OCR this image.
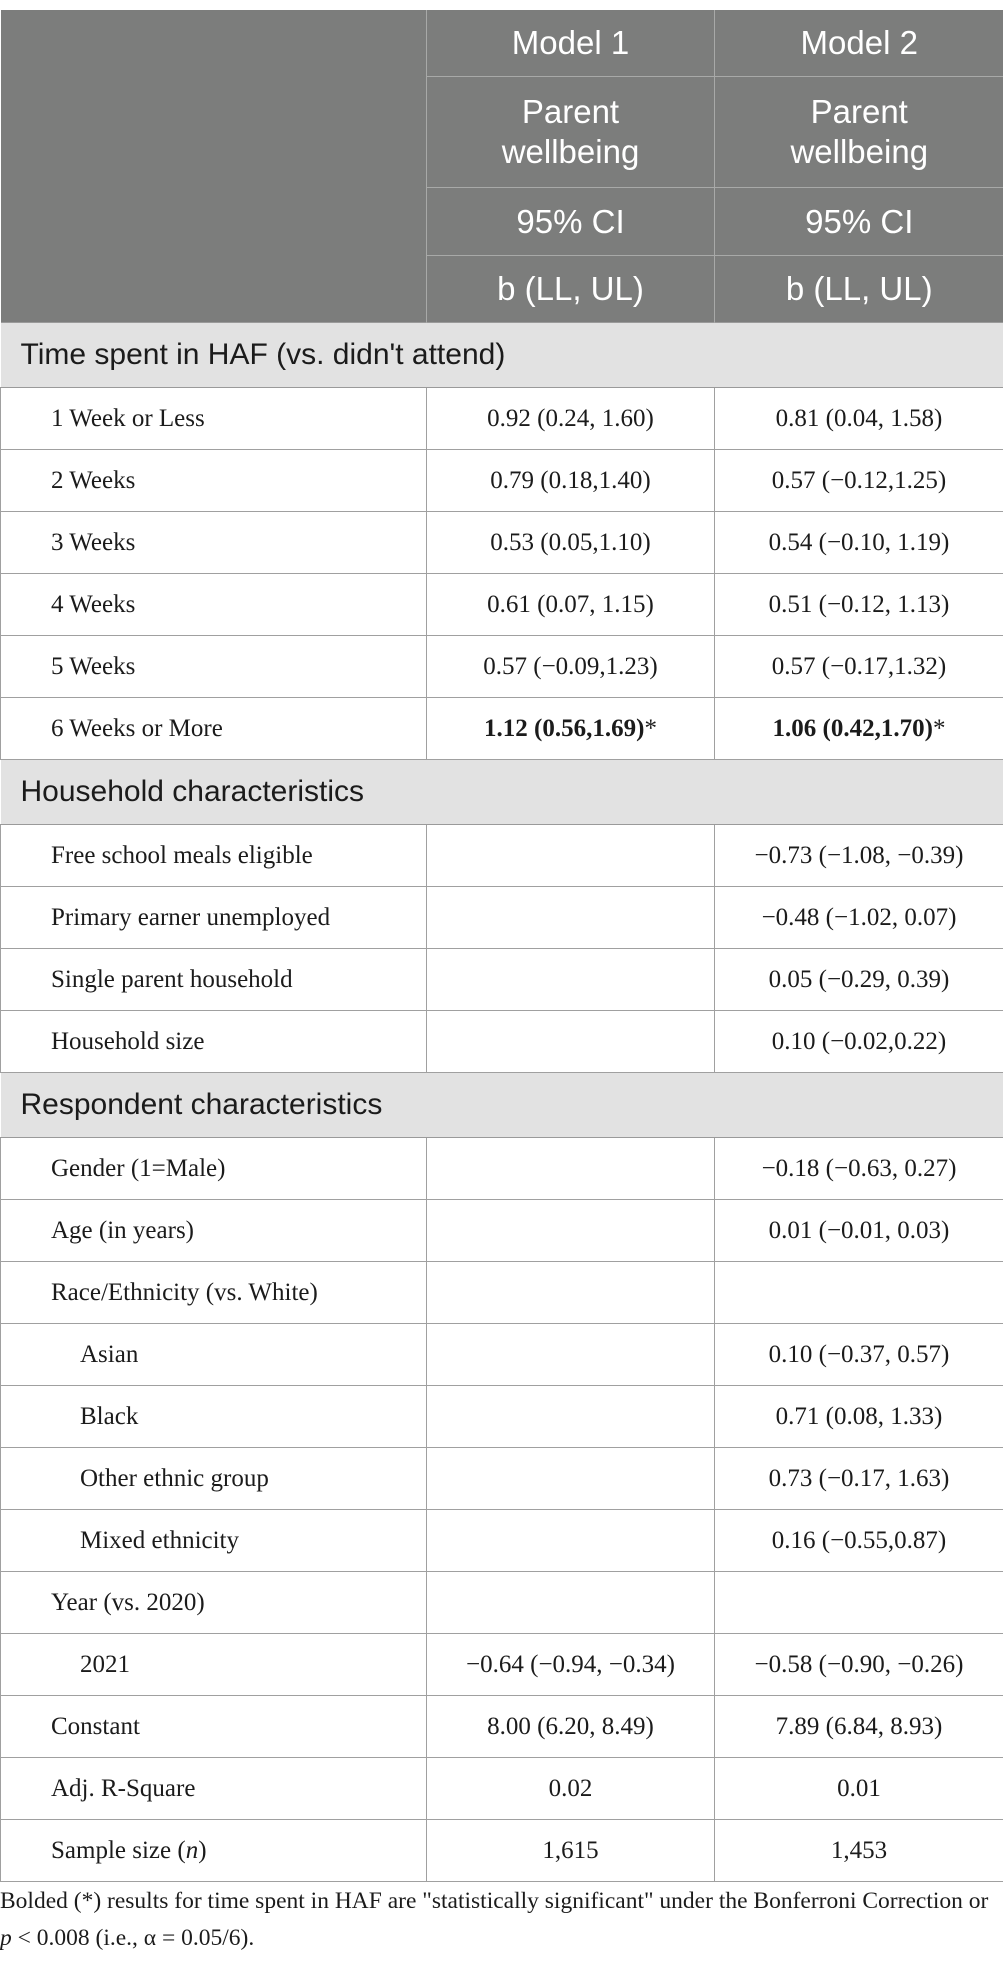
	Model 1	Model 2
	Parent wellbeing	Parent wellbeing
	95% CI	95% CI
	b (LL, UL)	b (LL, UL)
Time spent in HAF (vs. didn't attend)		
1 Week or Less	0.92 (0.24, 1.60)	0.81 (0.04, 1.58)
2 Weeks	0.79 (0.18,1.40)	0.57 (−0.12,1.25)
3 Weeks	0.53 (0.05,1.10)	0.54 (−0.10, 1.19)
4 Weeks	0.61 (0.07, 1.15)	0.51 (−0.12, 1.13)
5 Weeks	0.57 (−0.09,1.23)	0.57 (−0.17,1.32)
6 Weeks or More	1.12 (0.56,1.69)*	1.06 (0.42,1.70)*
Household characteristics		
Free school meals eligible		−0.73 (−1.08, −0.39)
Primary earner unemployed		−0.48 (−1.02, 0.07)
Single parent household		0.05 (−0.29, 0.39)
Household size		0.10 (−0.02,0.22)
Respondent characteristics		
Gender (1=Male)		−0.18 (−0.63, 0.27)
Age (in years)		0.01 (−0.01, 0.03)
Race/Ethnicity (vs. White)		
Asian		0.10 (−0.37, 0.57)
Black		0.71 (0.08, 1.33)
Other ethnic group		0.73 (−0.17, 1.63)
Mixed ethnicity		0.16 (−0.55,0.87)
Year (vs. 2020)		
2021	−0.64 (−0.94, −0.34)	−0.58 (−0.90, −0.26)
Constant	8.00 (6.20, 8.49)	7.89 (6.84, 8.93)
Adj. R-Square	0.02	0.01
Sample size (n)	1,615	1,453

Bolded (*) results for time spent in HAF are "statistically significant" under the Bonferroni Correction or p < 0.008 (i.e., α = 0.05/6).
